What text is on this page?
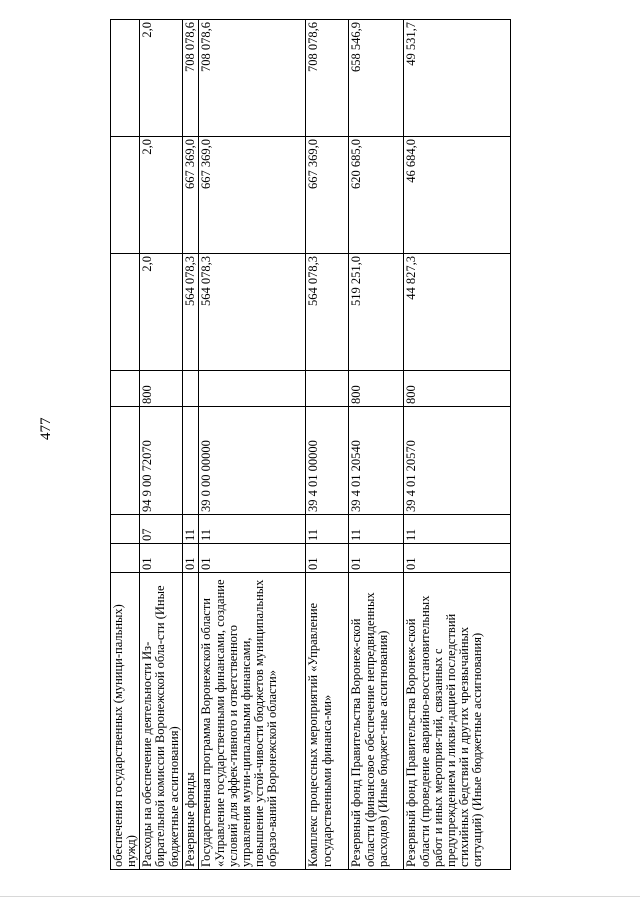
477
обеспечения государственных (муници-пальных) нужд)							
Расходы на обеспечение деятельности Из-бирательной комиссии Воронежской обла-сти (Иные бюджетные ассигнования)	01	07	94 9 00 72070	800	2,0	2,0	2,0
Резервные фонды	01	11			564 078,3	667 369,0	708 078,6
Государственная программа Воронежской области «Управление государственными финансами, создание условий для эффек-тивного и ответственного управления муни-ципальными финансами, повышение устой-чивости бюджетов муниципальных образо-ваний Воронежской области»	01	11	39 0 00 00000		564 078,3	667 369,0	708 078,6
Комплекс процессных мероприятий «Управление государственными финанса-ми»	01	11	39 4 01 00000		564 078,3	667 369,0	708 078,6
Резервный фонд Правительства Воронеж-ской области (финансовое обеспечение непредвиденных расходов) (Иные бюджет-ные ассигнования)	01	11	39 4 01 20540	800	519 251,0	620 685,0	658 546,9
Резервный фонд Правительства Воронеж-ской области (проведение аварийно-восстановительных работ и иных мероприя-тий, связанных с предупреждением и ликви-дацией последствий стихийных бедствий и других чрезвычайных ситуаций) (Иные бюджетные ассигнования)	01	11	39 4 01 20570	800	44 827,3	46 684,0	49 531,7
